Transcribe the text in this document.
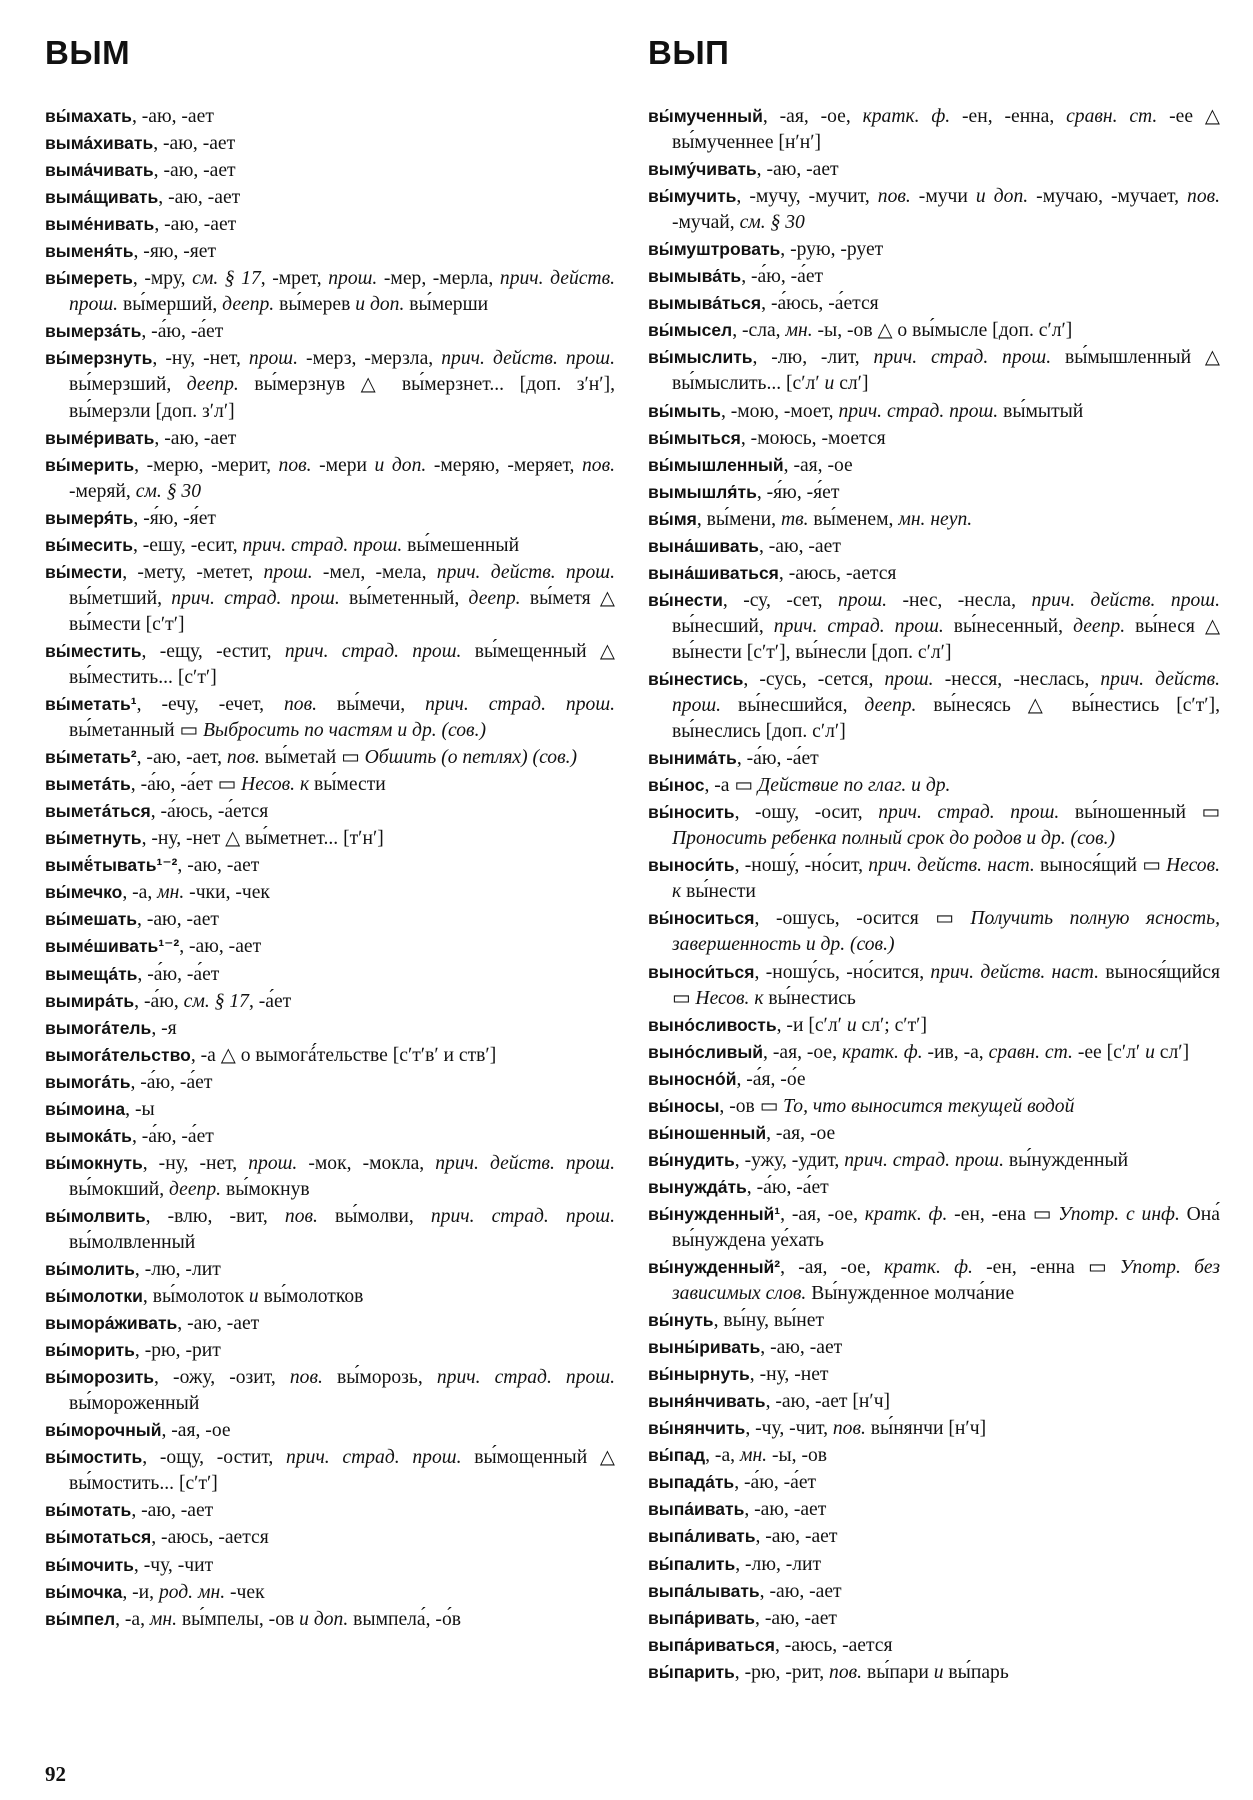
ВЫМ	ВЫП
вы́махать, -аю, -ает
выма́хивать, -аю, -ает
выма́чивать, -аю, -ает
выма́щивать, -аю, -ает
выме́нивать, -аю, -ает
выменя́ть, -яю, -яет
вы́мереть, -мру, см. § 17, -мрет, прош. -мер, -мерла, прич. действ. прош. вы́мерший, деепр. вы́мерев и доп. вы́мерши
вымерза́ть, -а́ю, -а́ет
вы́мерзнуть, -ну, -нет, прош. -мерз, -мерзла, прич. действ. прош. вы́мерзший, деепр. вы́мерзнув △ вы́мерзнет... [доп. зʹнʹ], вы́мерзли [доп. зʹлʹ]
выме́ривать, -аю, -ает
вы́мерить, -мерю, -мерит, пов. -мери и доп. -меряю, -меряет, пов. -меряй, см. § 30
вымеря́ть, -я́ю, -я́ет
вы́месить, -ешу, -есит, прич. страд. прош. вы́мешенный
вы́мести, -мету, -метет, прош. -мел, -мела, прич. действ. прош. вы́метший, прич. страд. прош. вы́метенный, деепр. вы́метя △ вы́мести [сʹтʹ]
вы́местить, -ещу, -естит, прич. страд. прош. вы́мещенный △ вы́местить... [сʹтʹ]
вы́метать¹, -ечу, -ечет, пов. вы́мечи, прич. страд. прош. вы́метанный ▭ Выбросить по частям и др. (сов.)
вы́метать², -аю, -ает, пов. вы́метай ▭ Обшить (о петлях) (сов.)
выметá́ть, -а́ю, -а́ет ▭ Несов. к вы́мести
выметá́ться, -а́юсь, -а́ется
вы́метнуть, -ну, -нет △ вы́метнет... [тʹнʹ]
вымё́тывать¹⁻², -аю, -ает
вы́мечко, -а, мн. -чки, -чек
вы́мешать, -аю, -ает
выме́шивать¹⁻², -аю, -ает
вымеща́ть, -а́ю, -а́ет
вымира́ть, -а́ю, см. § 17, -а́ет
вымогá́тель, -я
вымогá́тельство, -а △ о вымогá́тельстве [сʹтʹвʹ и ствʹ]
вымогá́ть, -а́ю, -а́ет
вы́моина, -ы
вымокá́ть, -а́ю, -а́ет
вы́мокнуть, -ну, -нет, прош. -мок, -мокла, прич. действ. прош. вы́мокший, деепр. вы́мокнув
вы́молвить, -влю, -вит, пов. вы́молви, прич. страд. прош. вы́молвленный
вы́молить, -лю, -лит
вы́молотки, вы́молоток и вы́молотков
вымора́живать, -аю, -ает
вы́морить, -рю, -рит
вы́морозить, -ожу, -озит, пов. вы́морозь, прич. страд. прош. вы́мороженный
вы́морочный, -ая, -ое
вы́мостить, -ощу, -остит, прич. страд. прош. вы́мощенный △ вы́мостить... [сʹтʹ]
вы́мотать, -аю, -ает
вы́мотаться, -аюсь, -ается
вы́мочить, -чу, -чит
вы́мочка, -и, род. мн. -чек
вы́мпел, -а, мн. вы́мпелы, -ов и доп. вымпела́, -о́в
вы́мученный, -ая, -ое, кратк. ф. -ен, -енна, сравн. ст. -ее △ вы́мученнее [нʹнʹ]
выму́чивать, -аю, -ает
вы́мучить, -мучу, -мучит, пов. -мучи и доп. -мучаю, -мучает, пов. -мучай, см. § 30
вы́муштровать, -рую, -рует
вымыва́ть, -а́ю, -а́ет
вымыва́ться, -а́юсь, -а́ется
вы́мысел, -сла, мн. -ы, -ов △ о вы́мысле [доп. сʹлʹ]
вы́мыслить, -лю, -лит, прич. страд. прош. вы́мышленный △ вы́мыслить... [сʹлʹ и слʹ]
вы́мыть, -мою, -моет, прич. страд. прош. вы́мытый
вы́мыться, -моюсь, -моется
вы́мышленный, -ая, -ое
вымышля́ть, -я́ю, -я́ет
вы́мя, вы́мени, тв. вы́менем, мн. неуп.
вына́шивать, -аю, -ает
вына́шиваться, -аюсь, -ается
вы́нести, -су, -сет, прош. -нес, -несла, прич. действ. прош. вы́несший, прич. страд. прош. вы́несенный, деепр. вы́неся △ вы́нести [сʹтʹ], вы́несли [доп. сʹлʹ]
вы́нестись, -сусь, -сется, прош. -несся, -неслась, прич. действ. прош. вы́несшийся, деепр. вы́несясь △ вы́нестись [сʹтʹ], вы́неслись [доп. сʹлʹ]
вынима́ть, -а́ю, -а́ет
вы́нос, -а ▭ Действие по глаг. и др.
вы́носить, -ошу, -осит, прич. страд. прош. вы́ношенный ▭ Проносить ребенка полный срок до родов и др. (сов.)
выноси́ть, -ношу́, -но́сит, прич. действ. наст. вынося́щий ▭ Несов. к вы́нести
вы́носиться, -ошусь, -осится ▭ Получить полную ясность, завершенность и др. (сов.)
выноси́ться, -ношу́сь, -но́сится, прич. действ. наст. вынося́щийся ▭ Несов. к вы́нестись
выно́сливость, -и [сʹлʹ и слʹ; сʹтʹ]
выно́сливый, -ая, -ое, кратк. ф. -ив, -а, сравн. ст. -ее [сʹлʹ и слʹ]
выносно́й, -а́я, -о́е
вы́носы, -ов ▭ То, что выносится текущей водой
вы́ношенный, -ая, -ое
вы́нудить, -ужу, -удит, прич. страд. прош. вы́нужденный
вынужда́ть, -а́ю, -а́ет
вы́нужденный¹, -ая, -ое, кратк. ф. -ен, -ена ▭ Употр. с инф. Она́ вы́нуждена уе́хать
вы́нужденный², -ая, -ое, кратк. ф. -ен, -енна ▭ Употр. без зависимых слов. Вы́нужденное молча́ние
вы́нуть, вы́ну, вы́нет
выны́ривать, -аю, -ает
вы́нырнуть, -ну, -нет
выня́нчивать, -аю, -ает [нʹч]
вы́нянчить, -чу, -чит, пов. вы́нянчи [нʹч]
вы́пад, -а, мн. -ы, -ов
выпада́ть, -а́ю, -а́ет
выпа́ивать, -аю, -ает
выпа́ливать, -аю, -ает
вы́палить, -лю, -лит
выпа́лывать, -аю, -ает
выпа́ривать, -аю, -ает
выпа́риваться, -аюсь, -ается
вы́парить, -рю, -рит, пов. вы́пари и вы́парь
92
